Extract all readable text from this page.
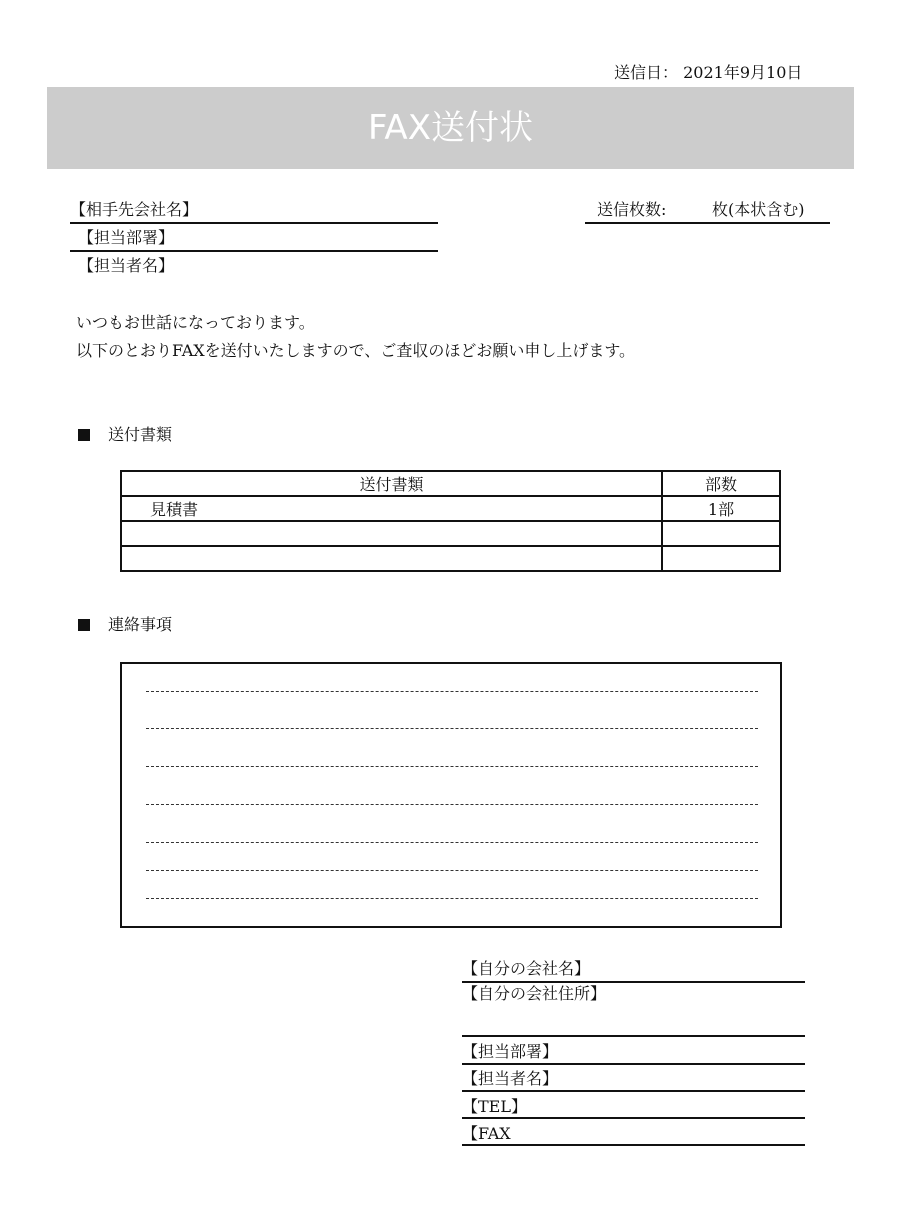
送信日： 2021年9月10日
FAX送付状
【相手先会社名】
【担当部署】
【担当者名】
送信枚数:	枚(本状含む)
いつもお世話になっております。
以下のとおりFAXを送付いたしますので、ご査収のほどお願い申し上げます。
送付書類
送付書類	部数
見積書	1部

連絡事項
【自分の会社名】
【自分の会社住所】
【担当部署】
【担当者名】
【TEL】
【FAX
